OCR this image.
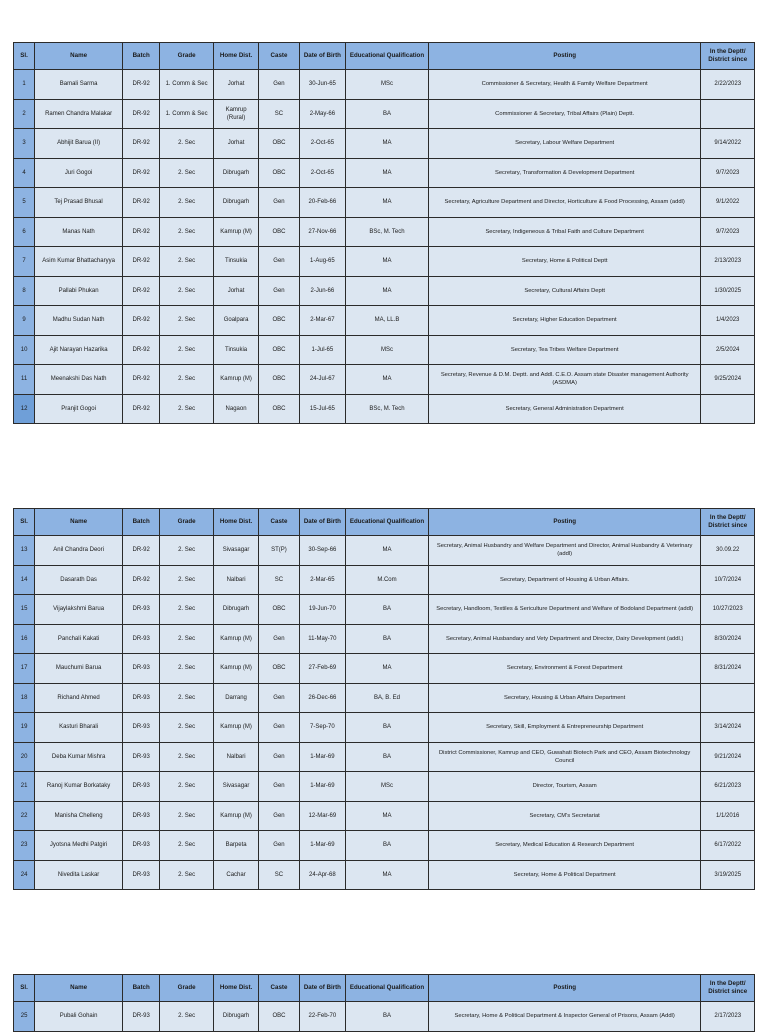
Sl.	Name	Batch	Grade	Home Dist.	Caste	Date of Birth	Educational Qualification	Posting	In the Deptt/ District since
1	Bamali Sarma	DR-92	1. Comm & Sec	Jorhat	Gen	30-Jun-65	MSc	Commissioner & Secretary, Health & Family Welfare Department	2/22/2023
2	Ramen Chandra Malakar	DR-92	1. Comm & Sec	Kamrup (Rural)	SC	2-May-66	BA	Commissioner & Secretary, Tribal Affairs (Plain) Deptt.	
3	Abhijit Barua (II)	DR-92	2. Sec	Jorhat	OBC	2-Oct-65	MA	Secretary, Labour Welfare Department	9/14/2022
4	Juri Gogoi	DR-92	2. Sec	Dibrugarh	OBC	2-Oct-65	MA	Secretary, Transformation & Development Department	9/7/2023
5	Tej Prasad Bhusal	DR-92	2. Sec	Dibrugarh	Gen	20-Feb-66	MA	Secretary, Agriculture Department and Director, Horticulture & Food Processing, Assam (addl)	9/1/2022
6	Manas Nath	DR-92	2. Sec	Kamrup (M)	OBC	27-Nov-66	BSc, M. Tech	Secretary, Indigeneous & Tribal Faith and Culture Department	9/7/2023
7	Asim Kumar Bhattacharyya	DR-92	2. Sec	Tinsukia	Gen	1-Aug-65	MA	Secretary, Home & Political Deptt	2/13/2023
8	Pallabi Phukan	DR-92	2. Sec	Jorhat	Gen	2-Jun-66	MA	Secretary, Cultural Affairs Deptt	1/30/2025
9	Madhu Sudan Nath	DR-92	2. Sec	Goalpara	OBC	2-Mar-67	MA, LL.B	Secretary, Higher Education Department	1/4/2023
10	Ajit Narayan Hazarika	DR-92	2. Sec	Tinsukia	OBC	1-Jul-65	MSc	Secretary, Tea Tribes Welfare Department	2/5/2024
11	Meenakshi Das Nath	DR-92	2. Sec	Kamrup (M)	OBC	24-Jul-67	MA	Secretary, Revenue & D.M. Deptt. and Addl. C.E.O. Assam state Disaster management Authority (ASDMA)	9/25/2024
12	Pranjit Gogoi	DR-92	2. Sec	Nagaon	OBC	15-Jul-65	BSc, M. Tech	Secretary, General Administration Department	
Sl.	Name	Batch	Grade	Home Dist.	Caste	Date of Birth	Educational Qualification	Posting	In the Deptt/ District since
13	Anil Chandra Deori	DR-92	2. Sec	Sivasagar	ST(P)	30-Sep-66	MA	Secretary, Animal Husbandry and Welfare Department and Director, Animal Husbandry & Veterinary (addl)	30.09.22
14	Dasarath Das	DR-92	2. Sec	Nalbari	SC	2-Mar-65	M.Com	Secretary, Department of Housing & Urban Affairs.	10/7/2024
15	Vijaylakshmi Barua	DR-93	2. Sec	Dibrugarh	OBC	19-Jun-70	BA	Secretary, Handloom, Textiles & Sericulture Department and Welfare of Bodoland Department (addl)	10/27/2023
16	Panchali Kakati	DR-93	2. Sec	Kamrup (M)	Gen	11-May-70	BA	Secretary, Animal Husbandary and Vety Department and Director, Dairy Development (addl.)	8/30/2024
17	Mauchumi Barua	DR-93	2. Sec	Kamrup (M)	OBC	27-Feb-69	MA	Secretary, Environment & Forest Department	8/31/2024
18	Richand Ahmed	DR-93	2. Sec	Darrang	Gen	26-Dec-66	BA, B. Ed	Secretary, Housing & Urban Affairs Department	
19	Kasturi Bharali	DR-93	2. Sec	Kamrup (M)	Gen	7-Sep-70	BA	Secretary, Skill, Employment & Entrepreneurship Department	3/14/2024
20	Deba Kumar Mishra	DR-93	2. Sec	Nalbari	Gen	1-Mar-69	BA	District Commissioner, Kamrup and CEO, Guwahati Biotech Park and CEO, Assam Biotechnology Council	9/21/2024
21	Ranoj Kumar Borkataky	DR-93	2. Sec	Sivasagar	Gen	1-Mar-69	MSc	Director, Tourism, Assam	6/21/2023
22	Manisha Chelleng	DR-93	2. Sec	Kamrup (M)	Gen	12-Mar-69	MA	Secretary, CM's Secretariat	1/1/2016
23	Jyotsna Medhi Patgiri	DR-93	2. Sec	Barpeta	Gen	1-Mar-69	BA	Secretary, Medical Education & Research Department	6/17/2022
24	Nivedita Laskar	DR-93	2. Sec	Cachar	SC	24-Apr-68	MA	Secretary, Home & Political Department	3/19/2025
Sl.	Name	Batch	Grade	Home Dist.	Caste	Date of Birth	Educational Qualification	Posting	In the Deptt/ District since
25	Pubali Gohain	DR-93	2. Sec	Dibrugarh	OBC	22-Feb-70	BA	Secretary, Home & Political Department & Inspector General of Prisons, Assam (Addl)	2/17/2023
